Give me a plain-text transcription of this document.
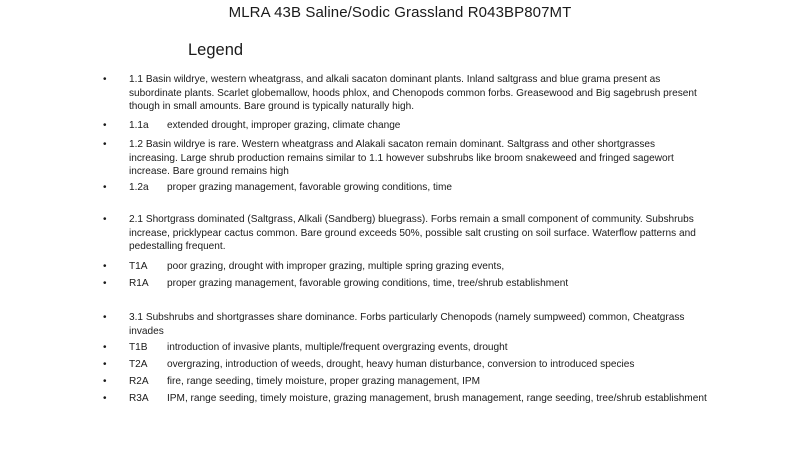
MLRA 43B Saline/Sodic Grassland R043BP807MT
Legend
• 1.1 Basin wildrye, western wheatgrass, and alkali sacaton dominant plants. Inland saltgrass and blue grama present as subordinate plants. Scarlet globemallow, hoods phlox, and Chenopods common forbs. Greasewood and Big sagebrush present though in small amounts. Bare ground is typically naturally high.
• 1.1a extended drought, improper grazing, climate change
• 1.2 Basin wildrye is rare. Western wheatgrass and Alakali sacaton remain dominant. Saltgrass and other shortgrasses increasing. Large shrub production remains similar to 1.1 however subshrubs like broom snakeweed and fringed sagewort increase. Bare ground remains high
• 1.2a proper grazing management, favorable growing conditions, time
• 2.1 Shortgrass dominated (Saltgrass, Alkali (Sandberg) bluegrass). Forbs remain a small component of community. Subshrubs increase, pricklypear cactus common. Bare ground exceeds 50%, possible salt crusting on soil surface. Waterflow patterns and pedestalling frequent.
• T1A poor grazing, drought with improper grazing, multiple spring grazing events,
• R1A proper grazing management, favorable growing conditions, time, tree/shrub establishment
• 3.1 Subshrubs and shortgrasses share dominance. Forbs particularly Chenopods (namely sumpweed) common, Cheatgrass invades
• T1B introduction of invasive plants, multiple/frequent overgrazing events, drought
• T2A overgrazing, introduction of weeds, drought, heavy human disturbance, conversion to introduced species
• R2A fire, range seeding, timely moisture, proper grazing management, IPM
• R3A IPM, range seeding, timely moisture, grazing management, brush management, range seeding, tree/shrub establishment
